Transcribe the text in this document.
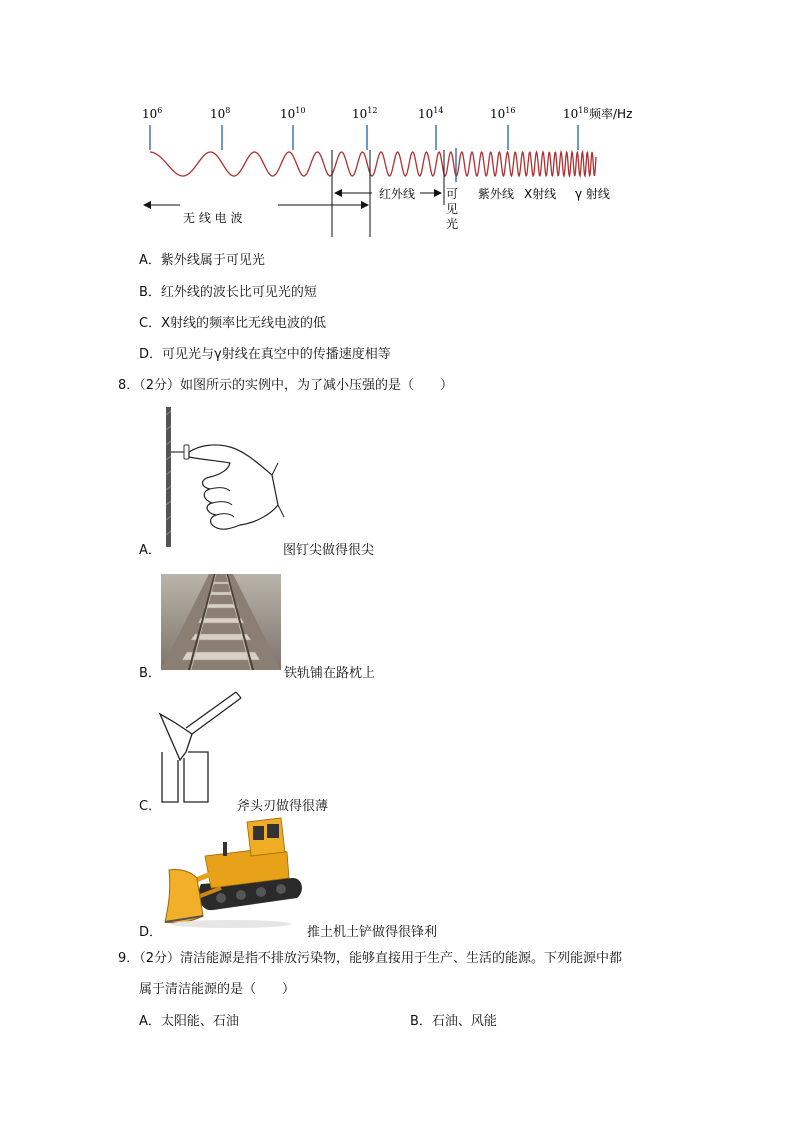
$10^6$	$10^8$	$10^{10}$	$10^{12}$	$10^{14}$	$10^{16}$	$10^{18}$ 频率/Hz
无 线 电 波
红外线	可
见
光
紫外线 X射线 γ 射线
A．紫外线属于可见光
B．红外线的波长比可见光的短
C．X射线的频率比无线电波的低
D．可见光与γ射线在真空中的传播速度相等
8．（2分）如图所示的实例中，为了减小压强的是（　　）
A．	图钉尖做得很尖
B．	铁轨铺在路枕上
C．	斧头刃做得很薄
D．	推土机土铲做得很锋利
9．（2分）清洁能源是指不排放污染物，能够直接用于生产、生活的能源。下列能源中都
属于清洁能源的是（　　）
A．太阳能、石油	B．石油、风能
